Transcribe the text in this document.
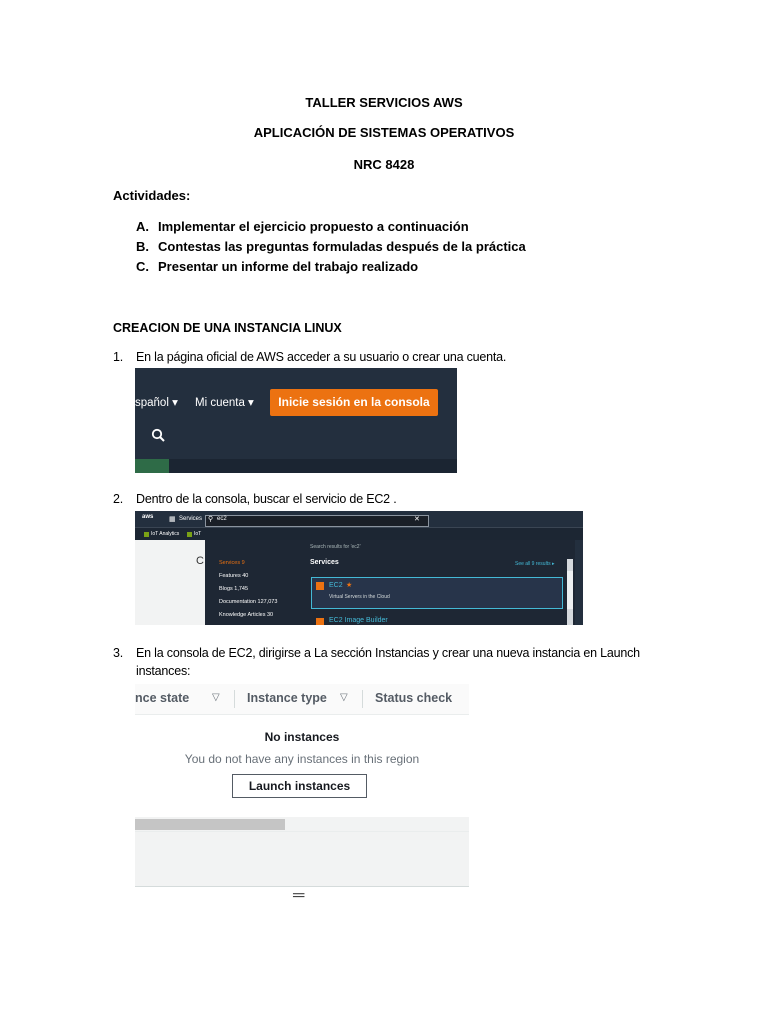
TALLER SERVICIOS AWS
APLICACIÓN DE SISTEMAS OPERATIVOS
NRC 8428
Actividades:
A. Implementar el ejercicio propuesto a continuación
B. Contestas las preguntas formuladas después de la práctica
C. Presentar un informe del trabajo realizado
CREACION DE UNA INSTANCIA LINUX
1. En la página oficial de AWS acceder a su usuario o crear una cuenta.
spañol ▾ Mi cuenta ▾	Inicie sesión en la consola
2. Dentro de la consola, buscar el servicio de EC2 .
aws ▦ Services ⚲ ec2	✕
IoT Analytics	IoT
C	Services 9
Features 40
Blogs 1,745
Documentation 127,073
Knowledge Articles 30
Search results for 'ec2'
Services	See all 9 results ▸
EC2 ★
Virtual Servers in the Cloud
EC2 Image Builder
3. En la consola de EC2, dirigirse a La sección Instancias y crear una nueva instancia en Launch
instances:
nce state ▽ Instance type ▽ Status check
No instances
You do not have any instances in this region
Launch instances
═
